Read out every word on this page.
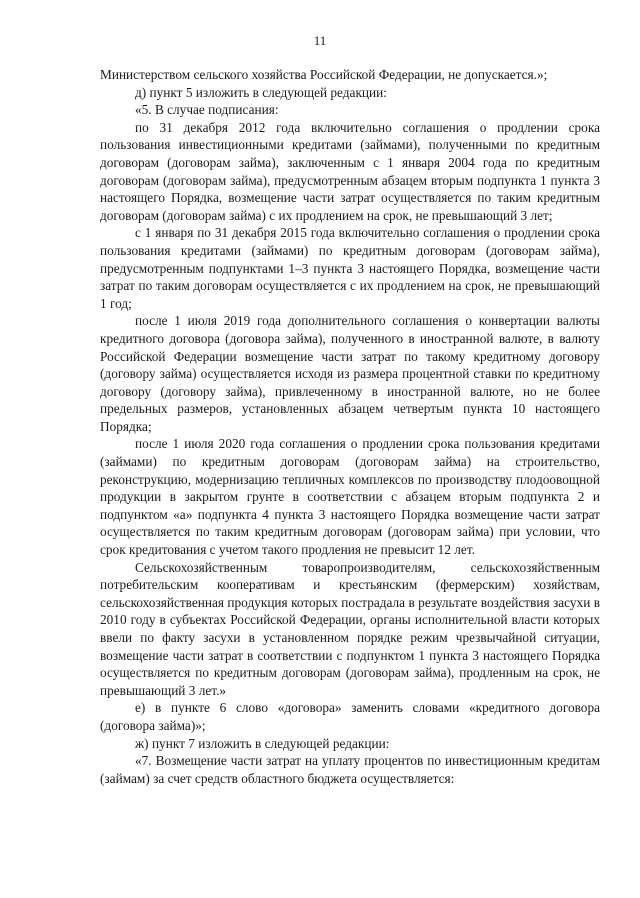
11

Министерством сельского хозяйства Российской Федерации, не допускается.»;

д) пункт 5 изложить в следующей редакции:

«5. В случае подписания:

по 31 декабря 2012 года включительно соглашения о продлении срока пользования инвестиционными кредитами (займами), полученными по кредитным договорам (договорам займа), заключенным с 1 января 2004 года по кредитным договорам (договорам займа), предусмотренным абзацем вторым подпункта 1 пункта 3 настоящего Порядка, возмещение части затрат осуществляется по таким кредитным договорам (договорам займа) с их продлением на срок, не превышающий 3 лет;

с 1 января по 31 декабря 2015 года включительно соглашения о продлении срока пользования кредитами (займами) по кредитным договорам (договорам займа), предусмотренным подпунктами 1–3 пункта 3 настоящего Порядка, возмещение части затрат по таким договорам осуществляется с их продлением на срок, не превышающий 1 год;

после 1 июля 2019 года дополнительного соглашения о конвертации валюты кредитного договора (договора займа), полученного в иностранной валюте, в валюту Российской Федерации возмещение части затрат по такому кредитному договору (договору займа) осуществляется исходя из размера процентной ставки по кредитному договору (договору займа), привлеченному в иностранной валюте, но не более предельных размеров, установленных абзацем четвертым пункта 10 настоящего Порядка;

после 1 июля 2020 года соглашения о продлении срока пользования кредитами (займами) по кредитным договорам (договорам займа) на строительство, реконструкцию, модернизацию тепличных комплексов по производству плодоовощной продукции в закрытом грунте в соответствии с абзацем вторым подпункта 2 и подпунктом «а» подпункта 4 пункта 3 настоящего Порядка возмещение части затрат осуществляется по таким кредитным договорам (договорам займа) при условии, что срок кредитования с учетом такого продления не превысит 12 лет.

Сельскохозяйственным товаропроизводителям, сельскохозяйственным потребительским кооперативам и крестьянским (фермерским) хозяйствам, сельскохозяйственная продукция которых пострадала в результате воздействия засухи в 2010 году в субъектах Российской Федерации, органы исполнительной власти которых ввели по факту засухи в установленном порядке режим чрезвычайной ситуации, возмещение части затрат в соответствии с подпунктом 1 пункта 3 настоящего Порядка осуществляется по кредитным договорам (договорам займа), продленным на срок, не превышающий 3 лет.»

е) в пункте 6 слово «договора» заменить словами «кредитного договора (договора займа)»;

ж) пункт 7 изложить в следующей редакции:

«7. Возмещение части затрат на уплату процентов по инвестиционным кредитам (займам) за счет средств областного бюджета осуществляется:
